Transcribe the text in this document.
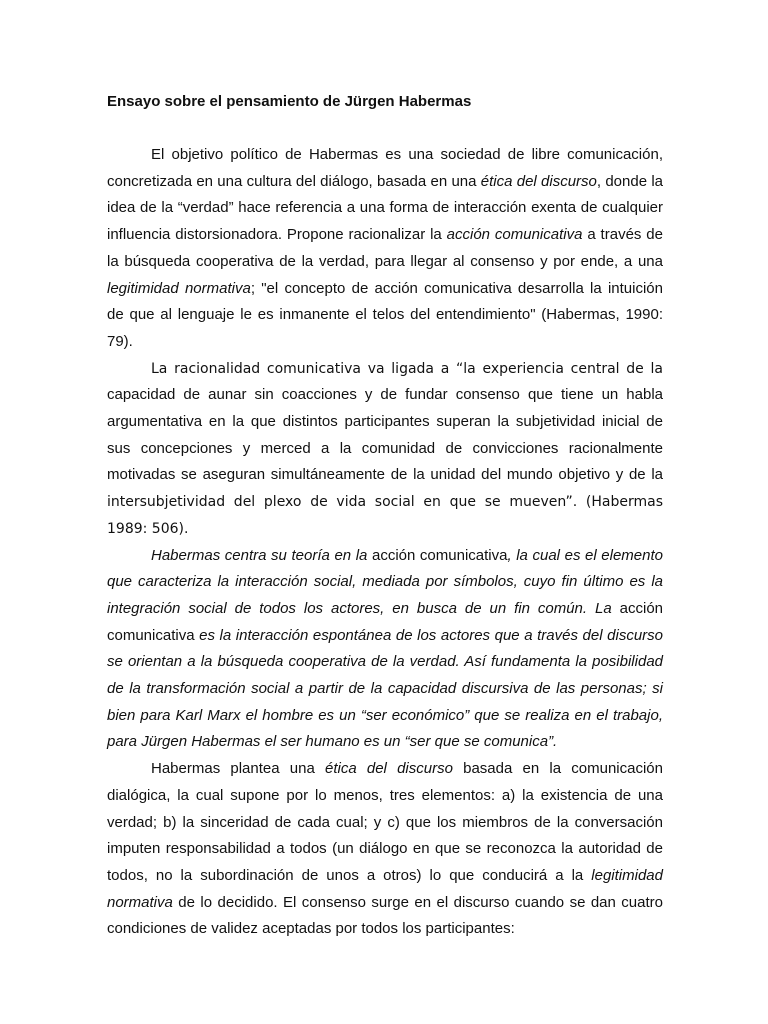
Ensayo sobre el pensamiento de Jürgen Habermas

El objetivo político de Habermas es una sociedad de libre comunicación, concretizada en una cultura del diálogo, basada en una ética del discurso, donde la idea de la “verdad” hace referencia a una forma de interacción exenta de cualquier influencia distorsionadora. Propone racionalizar la acción comunicativa a través de la búsqueda cooperativa de la verdad, para llegar al consenso y por ende, a una legitimidad normativa; "el concepto de acción comunicativa desarrolla la intuición de que al lenguaje le es inmanente el telos del entendimiento" (Habermas, 1990: 79).

La racionalidad comunicativa va ligada a “la experiencia central de la capacidad de aunar sin coacciones y de fundar consenso que tiene un habla argumentativa en la que distintos participantes superan la subjetividad inicial de sus concepciones y merced a la comunidad de convicciones racionalmente motivadas se aseguran simultáneamente de la unidad del mundo objetivo y de la intersubjetividad del plexo de vida social en que se mueven”. (Habermas 1989: 506).

Habermas centra su teoría en la acción comunicativa, la cual es el elemento que caracteriza la interacción social, mediada por símbolos, cuyo fin último es la integración social de todos los actores, en busca de un fin común. La acción comunicativa es la interacción espontánea de los actores que a través del discurso se orientan a la búsqueda cooperativa de la verdad. Así fundamenta la posibilidad de la transformación social a partir de la capacidad discursiva de las personas; si bien para Karl Marx el hombre es un “ser económico” que se realiza en el trabajo, para Jürgen Habermas el ser humano es un “ser que se comunica”.

Habermas plantea una ética del discurso basada en la comunicación dialógica, la cual supone por lo menos, tres elementos: a) la existencia de una verdad; b) la sinceridad de cada cual; y c) que los miembros de la conversación imputen responsabilidad a todos (un diálogo en que se reconozca la autoridad de todos, no la subordinación de unos a otros) lo que conducirá a la legitimidad normativa de lo decidido. El consenso surge en el discurso cuando se dan cuatro condiciones de validez aceptadas por todos los participantes:
